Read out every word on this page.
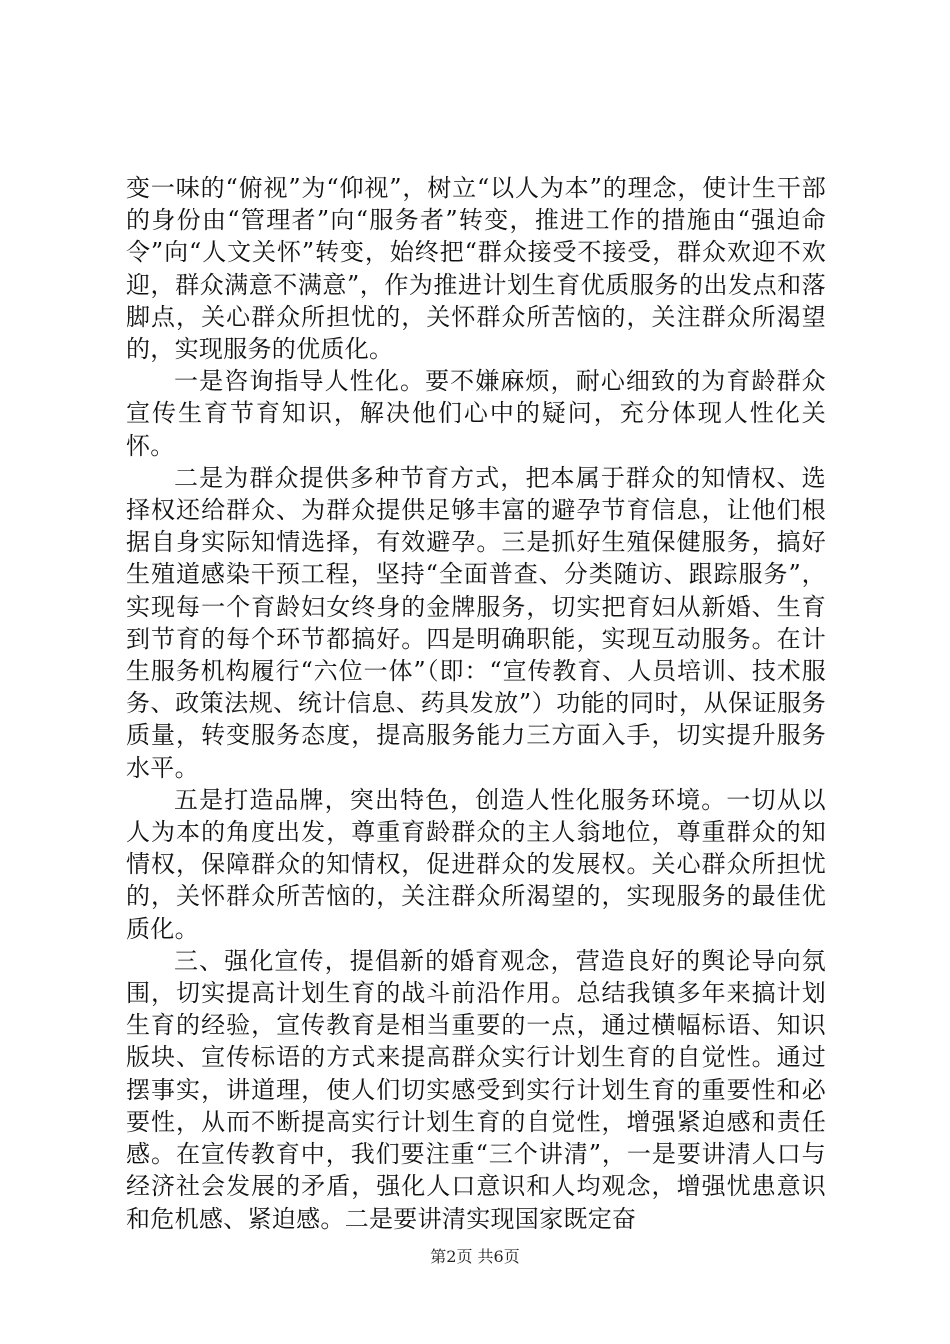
变一味的“俯视”为“仰视”，树立“以人为本”的理念，使计生干部的身份由“管理者”向“服务者”转变，推进工作的措施由“强迫命令”向“人文关怀”转变，始终把“群众接受不接受，群众欢迎不欢迎，群众满意不满意”，作为推进计划生育优质服务的出发点和落脚点，关心群众所担忧的，关怀群众所苦恼的，关注群众所渴望的，实现服务的优质化。

一是咨询指导人性化。要不嫌麻烦，耐心细致的为育龄群众宣传生育节育知识，解决他们心中的疑问，充分体现人性化关怀。

二是为群众提供多种节育方式，把本属于群众的知情权、选择权还给群众、为群众提供足够丰富的避孕节育信息，让他们根据自身实际知情选择，有效避孕。三是抓好生殖保健服务，搞好生殖道感染干预工程，坚持“全面普查、分类随访、跟踪服务”，实现每一个育龄妇女终身的金牌服务，切实把育妇从新婚、生育到节育的每个环节都搞好。四是明确职能，实现互动服务。在计生服务机构履行“六位一体”（即：“宣传教育、人员培训、技术服务、政策法规、统计信息、药具发放”）功能的同时，从保证服务质量，转变服务态度，提高服务能力三方面入手，切实提升服务水平。

五是打造品牌，突出特色，创造人性化服务环境。一切从以人为本的角度出发，尊重育龄群众的主人翁地位，尊重群众的知情权，保障群众的知情权，促进群众的发展权。关心群众所担忧的，关怀群众所苦恼的，关注群众所渴望的，实现服务的最佳优质化。

三、强化宣传，提倡新的婚育观念，营造良好的舆论导向氛围，切实提高计划生育的战斗前沿作用。总结我镇多年来搞计划生育的经验，宣传教育是相当重要的一点，通过横幅标语、知识版块、宣传标语的方式来提高群众实行计划生育的自觉性。通过摆事实，讲道理，使人们切实感受到实行计划生育的重要性和必要性，从而不断提高实行计划生育的自觉性，增强紧迫感和责任感。在宣传教育中，我们要注重“三个讲清”，一是要讲清人口与经济社会发展的矛盾，强化人口意识和人均观念，增强忧患意识和危机感、紧迫感。二是要讲清实现国家既定奋

第2页 共6页
